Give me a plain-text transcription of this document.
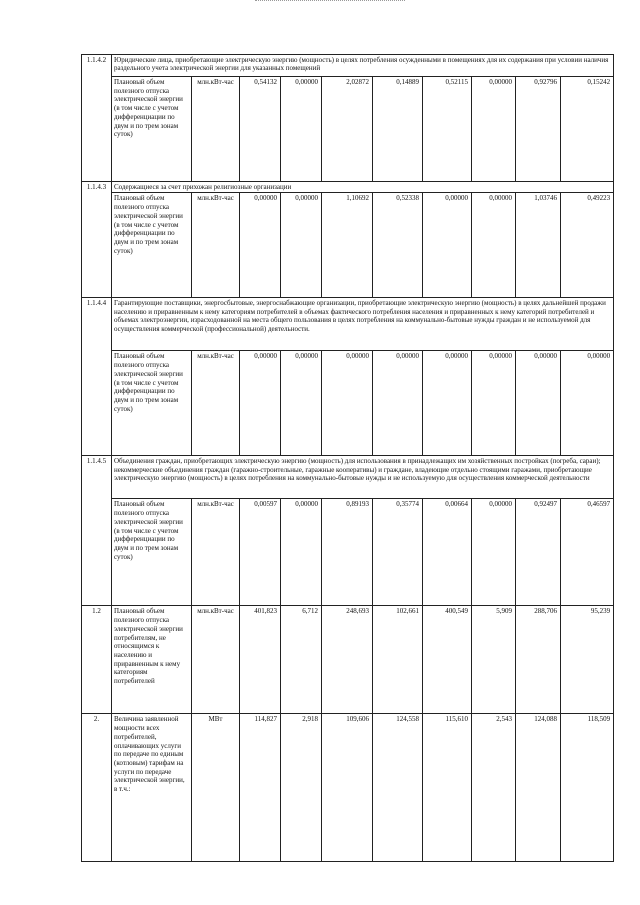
1.1.4.2	Юридические лица, приобретающие электрическую энергию (мощность) в целях потребления осужденными в помещениях для их содержания при условии наличия раздельного учета электрической энергии для указанных помещений									
	Плановый объем полезного отпуска электрической энергии (в том числе с учетом дифференциации по двум и по трем зонам суток)	млн.кВт-час	0,54132	0,00000	2,02872	0,14889	0,52115	0,00000	0,92796	0,15242
1.1.4.3	Содержащиеся за счет прихожан религиозные организации									
	Плановый объем полезного отпуска электрической энергии (в том числе с учетом дифференциации по двум и по трем зонам суток)	млн.кВт-час	0,00000	0,00000	1,10692	0,52338	0,00000	0,00000	1,03746	0,49223
1.1.4.4	Гарантирующие поставщики, энергосбытовые, энергоснабжающие организации, приобретающие электрическую энергию (мощность) в целях дальнейшей продажи населению и приравненным к нему категориям потребителей в объемах фактического потребления населения и приравненных к нему категорий потребителей и объемах электроэнергии, израсходованной на места общего пользования в целях потребления на коммунально-бытовые нужды граждан и не используемой для осуществления коммерческой (профессиональной) деятельности.									
	Плановый объем полезного отпуска электрической энергии (в том числе с учетом дифференциации по двум и по трем зонам суток)	млн.кВт-час	0,00000	0,00000	0,00000	0,00000	0,00000	0,00000	0,00000	0,00000
1.1.4.5	Объединения граждан, приобретающих электрическую энергию (мощность) для использования в принадлежащих им хозяйственных постройках (погреба, сараи); некоммерческие объединения граждан (гаражно-строительные, гаражные кооперативы) и граждане, владеющие отдельно стоящими гаражами, приобретающие электрическую энергию (мощность) в целях потребления на коммунально-бытовые нужды и не используемую для осуществления коммерческой деятельности									
	Плановый объем полезного отпуска электрической энергии (в том числе с учетом дифференциации по двум и по трем зонам суток)	млн.кВт-час	0,00597	0,00000	0,89193	0,35774	0,00664	0,00000	0,92497	0,46597
1.2	Плановый объем полезного отпуска электрической энергии потребителям, не относящимся к населению и приравненным к нему категориям потребителей	млн.кВт-час	401,823	6,712	248,693	102,661	400,549	5,909	288,706	95,239
2.	Величина заявленной мощности всех потребителей, оплачивающих услуги по передаче по единым (котловым) тарифам на услуги по передаче электрической энергии, в т.ч.:	МВт	114,827	2,918	109,606	124,558	115,610	2,543	124,088	118,509
